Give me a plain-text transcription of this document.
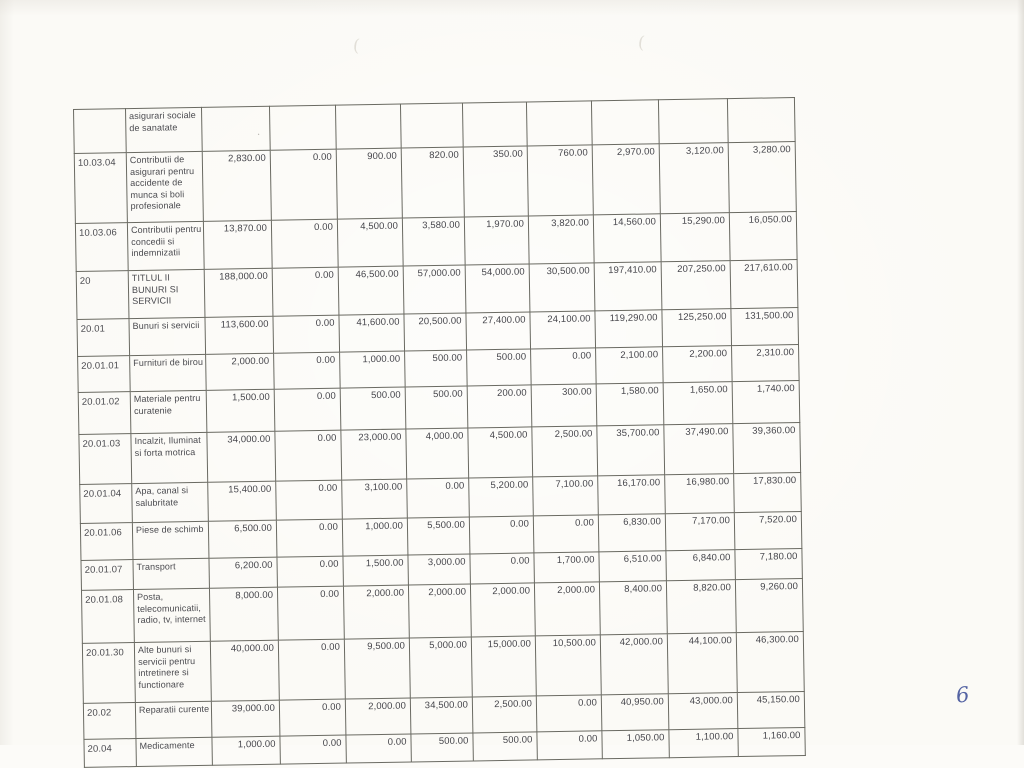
(	(
.
	asigurari sociale de sanatate									
10.03.04	Contributii de asigurari pentru accidente de munca si boli profesionale	2,830.00	0.00	900.00	820.00	350.00	760.00	2,970.00	3,120.00	3,280.00
10.03.06	Contributii pentru concedii si indemnizatii	13,870.00	0.00	4,500.00	3,580.00	1,970.00	3,820.00	14,560.00	15,290.00	16,050.00
20	TITLUL II BUNURI SI SERVICII	188,000.00	0.00	46,500.00	57,000.00	54,000.00	30,500.00	197,410.00	207,250.00	217,610.00
20.01	Bunuri si servicii	113,600.00	0.00	41,600.00	20,500.00	27,400.00	24,100.00	119,290.00	125,250.00	131,500.00
20.01.01	Furnituri de birou	2,000.00	0.00	1,000.00	500.00	500.00	0.00	2,100.00	2,200.00	2,310.00
20.01.02	Materiale pentru curatenie	1,500.00	0.00	500.00	500.00	200.00	300.00	1,580.00	1,650.00	1,740.00
20.01.03	Incalzit, Iluminat si forta motrica	34,000.00	0.00	23,000.00	4,000.00	4,500.00	2,500.00	35,700.00	37,490.00	39,360.00
20.01.04	Apa, canal si salubritate	15,400.00	0.00	3,100.00	0.00	5,200.00	7,100.00	16,170.00	16,980.00	17,830.00
20.01.06	Piese de schimb	6,500.00	0.00	1,000.00	5,500.00	0.00	0.00	6,830.00	7,170.00	7,520.00
20.01.07	Transport	6,200.00	0.00	1,500.00	3,000.00	0.00	1,700.00	6,510.00	6,840.00	7,180.00
20.01.08	Posta, telecomunicatii, radio, tv, internet	8,000.00	0.00	2,000.00	2,000.00	2,000.00	2,000.00	8,400.00	8,820.00	9,260.00
20.01.30	Alte bunuri si servicii pentru intretinere si functionare	40,000.00	0.00	9,500.00	5,000.00	15,000.00	10,500.00	42,000.00	44,100.00	46,300.00
20.02	Reparatii curente	39,000.00	0.00	2,000.00	34,500.00	2,500.00	0.00	40,950.00	43,000.00	45,150.00
20.04	Medicamente	1,000.00	0.00	0.00	500.00	500.00	0.00	1,050.00	1,100.00	1,160.00
6
